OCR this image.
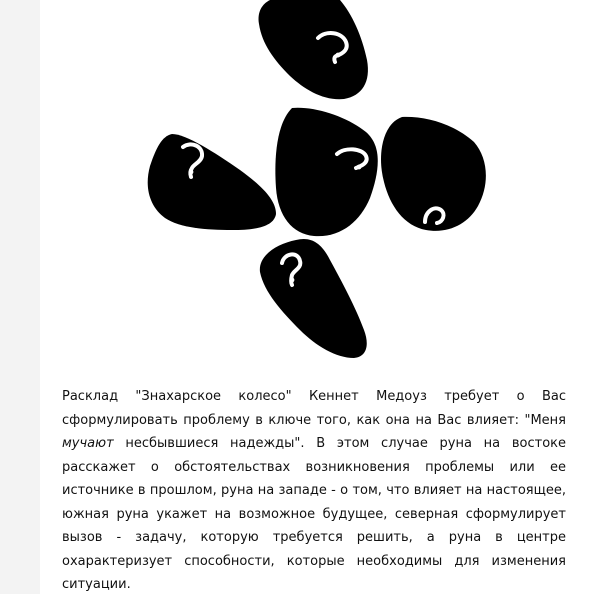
Расклад "Знахарское колесо" Кеннет Медоуз требует о Вас сформулировать проблему в ключе того, как она на Вас влияет: "Меня мучают несбывшиеся надежды". В этом случае руна на востоке расскажет о обстоятельствах возникновения проблемы или ее источнике в прошлом, руна на западе - о том, что влияет на настоящее, южная руна укажет на возможное будущее, северная сформулирует вызов - задачу, которую требуется решить, а руна в центре охарактеризует способности, которые необходимы для изменения ситуации.
